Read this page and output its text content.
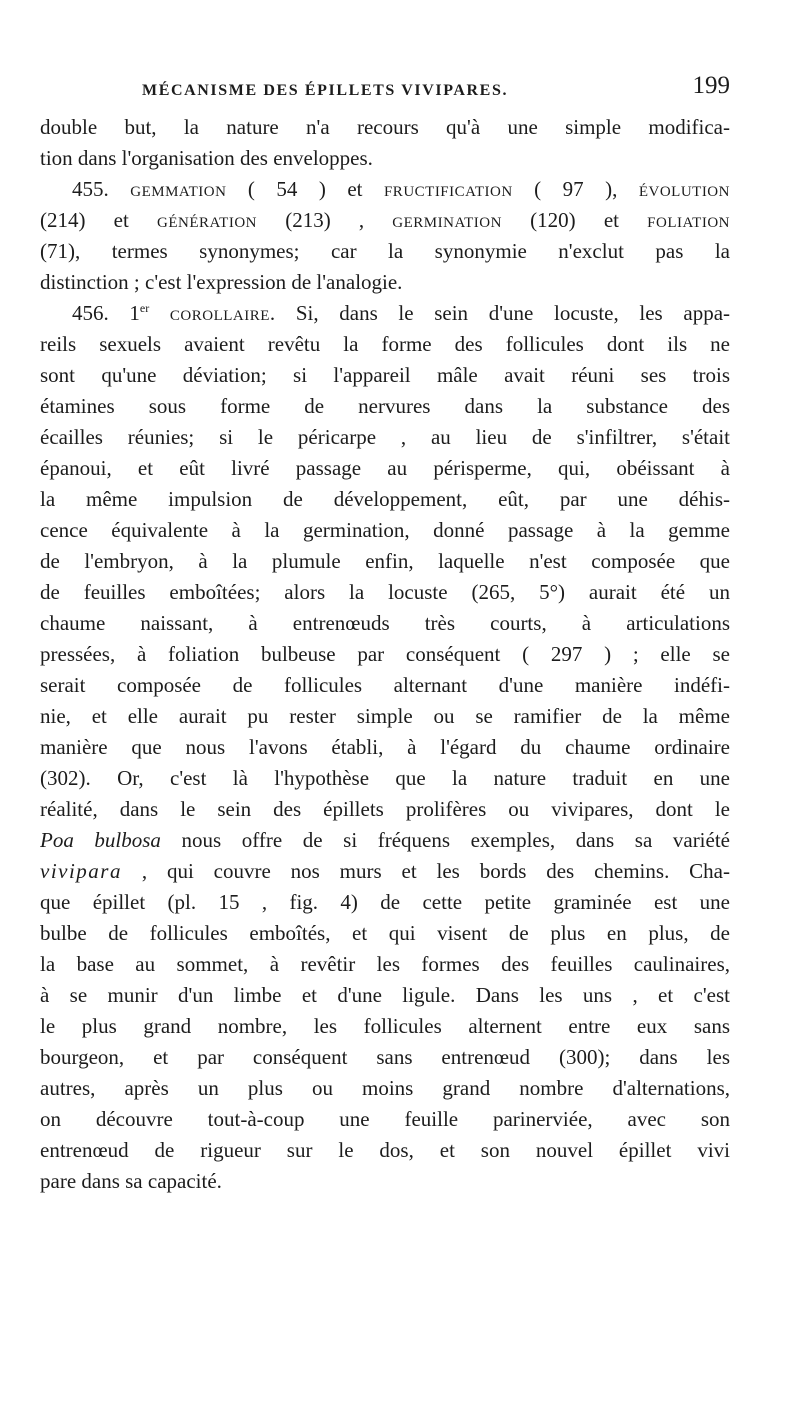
MÉCANISME DES ÉPILLETS VIVIPARES.	199
double but, la nature n'a recours qu'à une simple modifica-
tion dans l'organisation des enveloppes.
455. gemmation ( 54 ) et fructification ( 97 ), évolution
(214) et génération (213) , germination (120) et foliation
(71), termes synonymes; car la synonymie n'exclut pas la
distinction ; c'est l'expression de l'analogie.
456. 1er corollaire. Si, dans le sein d'une locuste, les appa-
reils sexuels avaient revêtu la forme des follicules dont ils ne
sont qu'une déviation; si l'appareil mâle avait réuni ses trois
étamines sous forme de nervures dans la substance des
écailles réunies; si le péricarpe , au lieu de s'infiltrer, s'était
épanoui, et eût livré passage au périsperme, qui, obéissant à
la même impulsion de développement, eût, par une déhis-
cence équivalente à la germination, donné passage à la gemme
de l'embryon, à la plumule enfin, laquelle n'est composée que
de feuilles emboîtées; alors la locuste (265, 5°) aurait été un
chaume naissant, à entrenœuds très courts, à articulations
pressées, à foliation bulbeuse par conséquent ( 297 ) ; elle se
serait composée de follicules alternant d'une manière indéfi-
nie, et elle aurait pu rester simple ou se ramifier de la même
manière que nous l'avons établi, à l'égard du chaume ordinaire
(302). Or, c'est là l'hypothèse que la nature traduit en une
réalité, dans le sein des épillets prolifères ou vivipares, dont le
Poa bulbosa nous offre de si fréquens exemples, dans sa variété
vivipara , qui couvre nos murs et les bords des chemins. Cha-
que épillet (pl. 15 , fig. 4) de cette petite graminée est une
bulbe de follicules emboîtés, et qui visent de plus en plus, de
la base au sommet, à revêtir les formes des feuilles caulinaires,
à se munir d'un limbe et d'une ligule. Dans les uns , et c'est
le plus grand nombre, les follicules alternent entre eux sans
bourgeon, et par conséquent sans entrenœud (300); dans les
autres, après un plus ou moins grand nombre d'alternations,
on découvre tout-à-coup une feuille parinerviée, avec son
entrenœud de rigueur sur le dos, et son nouvel épillet vivi
pare dans sa capacité.
